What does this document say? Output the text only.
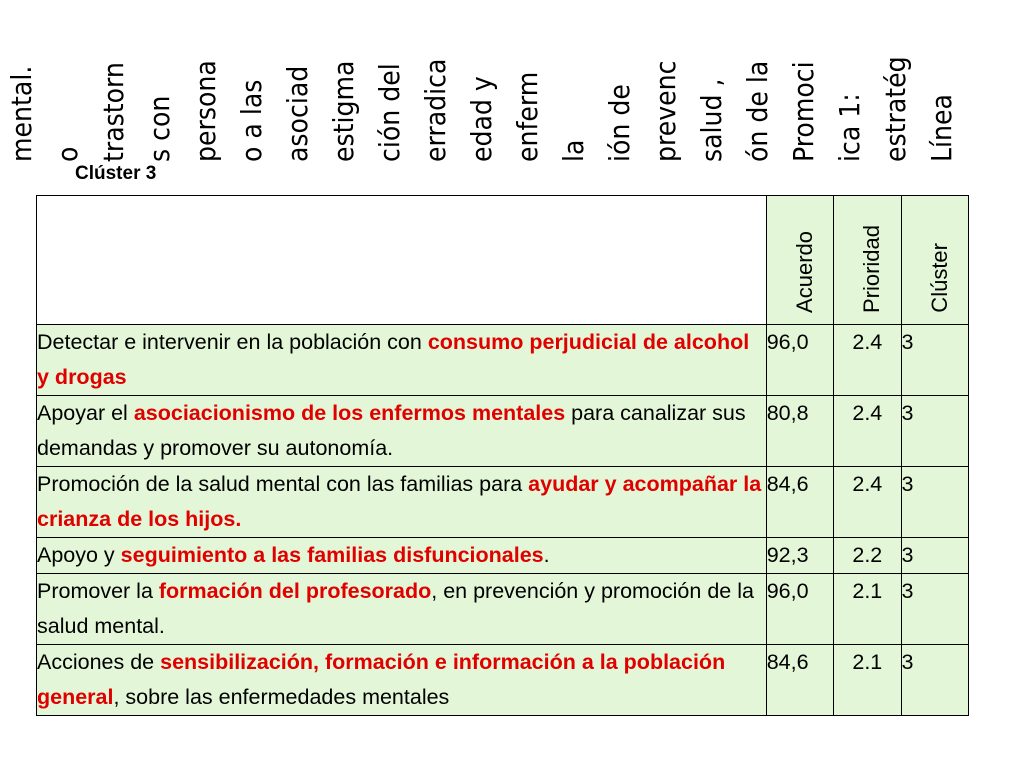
Línea
estratég
ica 1:
Promoci
ón de la
salud ,
prevenc
ión de
la
enferm
edad y
erradica
ción del
estigma
asociad
o a las
persona
s con
trastorn
o
mental.
Clúster 3
	Acuerdo	Prioridad	Clúster
Detectar e intervenir en la población con consumo perjudicial de alcohol y drogas	96,0	2.4	3
Apoyar el asociacionismo de los enfermos mentales para canalizar sus demandas y promover su autonomía.	80,8	2.4	3
Promoción de la salud mental con las familias para ayudar y acompañar la crianza de los hijos.	84,6	2.4	3
Apoyo y seguimiento a las familias disfuncionales.	92,3	2.2	3
Promover la formación del profesorado, en prevención y promoción de la salud mental.	96,0	2.1	3
Acciones de sensibilización, formación e información a la población general, sobre las enfermedades mentales	84,6	2.1	3
